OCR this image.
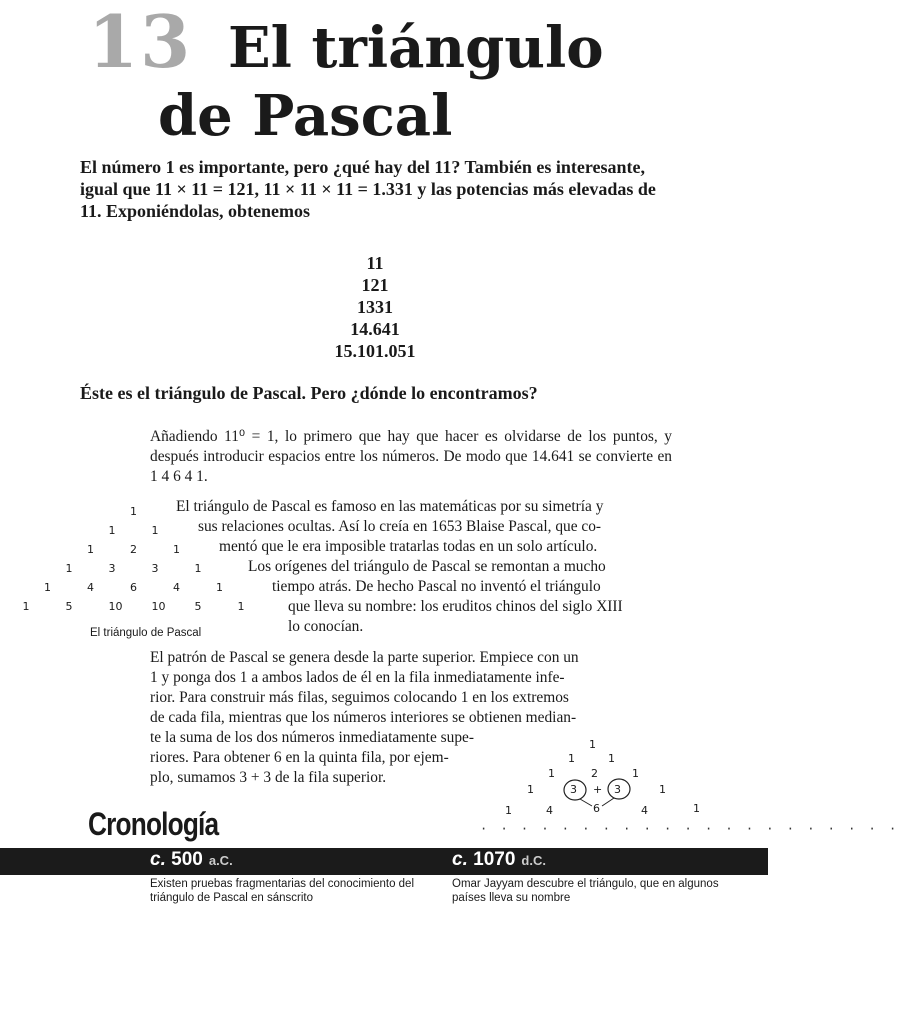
13 El triángulo
de Pascal
El número 1 es importante, pero ¿qué hay del 11? También es interesante, igual que 11 × 11 = 121, 11 × 11 × 11 = 1.331 y las potencias más elevadas de 11. Exponiéndolas, obtenemos
11
121
1331
14.641
15.101.051
Éste es el triángulo de Pascal. Pero ¿dónde lo encontramos?
Añadiendo 11⁰ = 1, lo primero que hay que hacer es olvidarse de los puntos, y después introducir espacios entre los números. De modo que 14.641 se convierte en 1 4 6 4 1.
El triángulo de Pascal es famoso en las matemáticas por su simetría y
sus relaciones ocultas. Así lo creía en 1653 Blaise Pascal, que co-
mentó que le era imposible tratarlas todas en un solo artículo.
Los orígenes del triángulo de Pascal se remontan a mucho
tiempo atrás. De hecho Pascal no inventó el triángulo
que lleva su nombre: los eruditos chinos del siglo XIII
lo conocían.
1
1	1
1	2	1
1	3	3	1
1	4	6	4	1
1	5	10	10	5	1
El triángulo de Pascal
El patrón de Pascal se genera desde la parte superior. Empiece con un
1 y ponga dos 1 a ambos lados de él en la fila inmediatamente infe-
rior. Para construir más filas, seguimos colocando 1 en los extremos
de cada fila, mientras que los números interiores se obtienen median-
te la suma de los dos números inmediatamente supe-
riores. Para obtener 6 en la quinta fila, por ejem-
plo, sumamos 3 + 3 de la fila superior.
1
1	1
1	2	1
1	3 + 3	1
1	4	6	4	1
Cronología	· · · · · · · · · · · · · · · · · · · · ·
c. 500 a.C.
Existen pruebas fragmentarias del conocimiento del triángulo de Pascal en sánscrito
c. 1070 d.C.
Omar Jayyam descubre el triángulo, que en algunos países lleva su nombre
